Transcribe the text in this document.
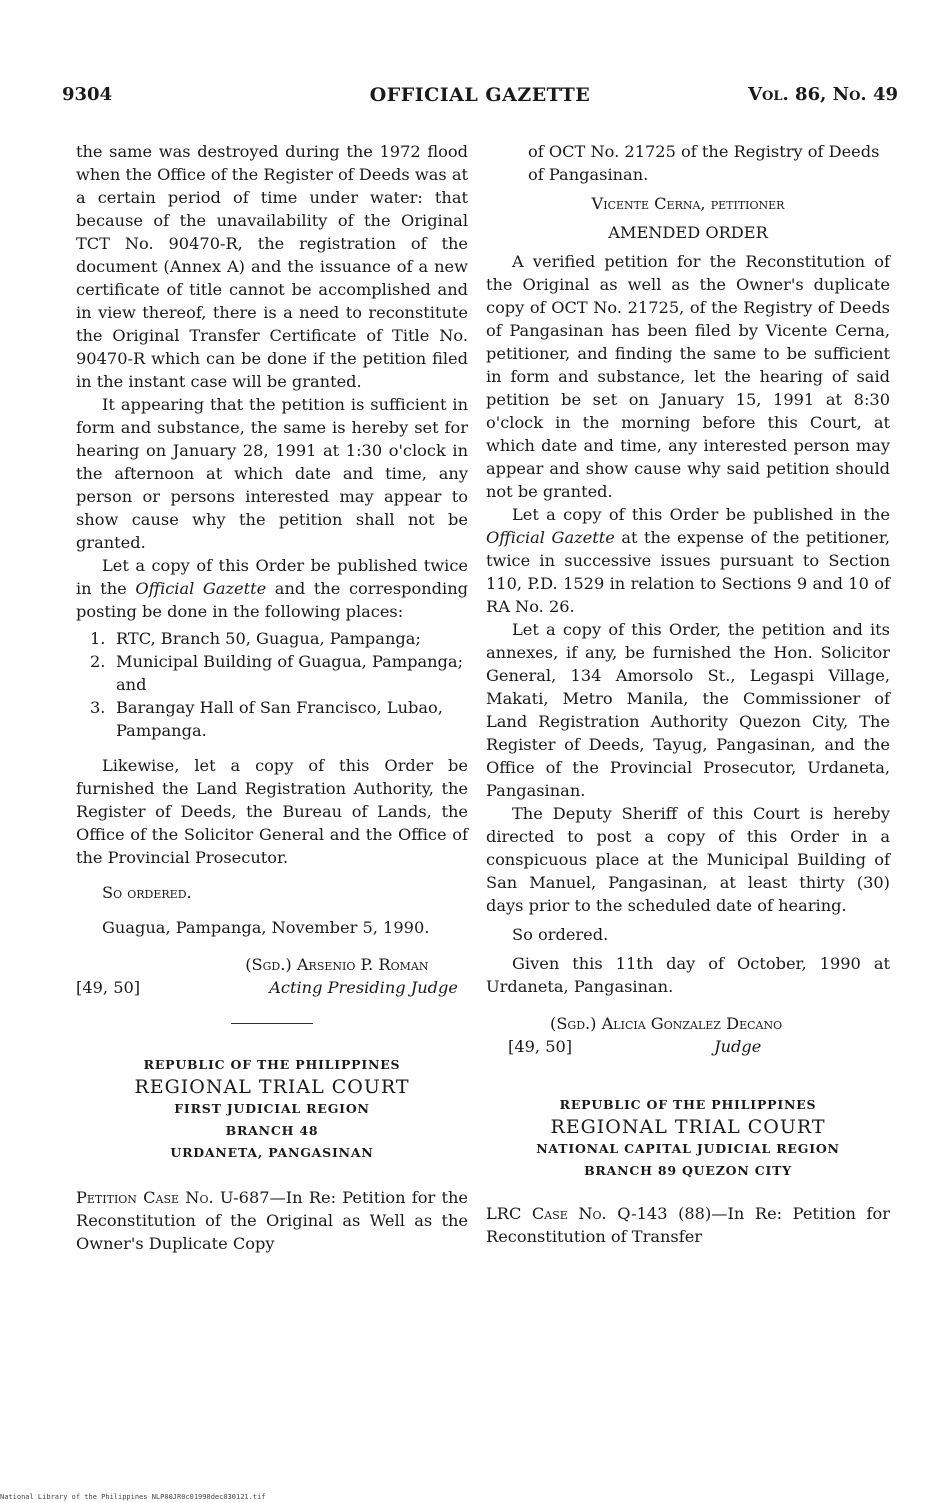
9304	OFFICIAL GAZETTE	Vol. 86, No. 49

the same was destroyed during the 1972 flood when the Office of the Register of Deeds was at a certain period of time under water: that because of the unavailability of the Original TCT No. 90470-R, the registration of the document (Annex A) and the issuance of a new certificate of title cannot be accomplished and in view thereof, there is a need to reconstitute the Original Transfer Certificate of Title No. 90470-R which can be done if the petition filed in the instant case will be granted.

It appearing that the petition is sufficient in form and substance, the same is hereby set for hearing on January 28, 1991 at 1:30 o'clock in the afternoon at which date and time, any person or persons interested may appear to show cause why the petition shall not be granted.

Let a copy of this Order be published twice in the Official Gazette and the corresponding posting be done in the following places:

1. RTC, Branch 50, Guagua, Pampanga;
2. Municipal Building of Guagua, Pampanga; and
3. Barangay Hall of San Francisco, Lubao, Pampanga.

Likewise, let a copy of this Order be furnished the Land Registration Authority, the Register of Deeds, the Bureau of Lands, the Office of the Solicitor General and the Office of the Provincial Prosecutor.

So ordered.

Guagua, Pampanga, November 5, 1990.

[49, 50]
(Sgd.) Arsenio P. Roman
Acting Presiding Judge
REPUBLIC OF THE PHILIPPINES
REGIONAL TRIAL COURT
FIRST JUDICIAL REGION
BRANCH 48
URDANETA, PANGASINAN

Petition Case No. U-687—In Re: Petition for the Reconstitution of the Original as Well as the Owner's Duplicate Copy

of OCT No. 21725 of the Registry of Deeds of Pangasinan.

Vicente Cerna, petitioner

AMENDED ORDER

A verified petition for the Reconstitution of the Original as well as the Owner's duplicate copy of OCT No. 21725, of the Registry of Deeds of Pangasinan has been filed by Vicente Cerna, petitioner, and finding the same to be sufficient in form and substance, let the hearing of said petition be set on January 15, 1991 at 8:30 o'clock in the morning before this Court, at which date and time, any interested person may appear and show cause why said petition should not be granted.

Let a copy of this Order be published in the Official Gazette at the expense of the petitioner, twice in successive issues pursuant to Section 110, P.D. 1529 in relation to Sections 9 and 10 of RA No. 26.

Let a copy of this Order, the petition and its annexes, if any, be furnished the Hon. Solicitor General, 134 Amorsolo St., Legaspi Village, Makati, Metro Manila, the Commissioner of Land Registration Authority Quezon City, The Register of Deeds, Tayug, Pangasinan, and the Office of the Provincial Prosecutor, Urdaneta, Pangasinan.

The Deputy Sheriff of this Court is hereby directed to post a copy of this Order in a conspicuous place at the Municipal Building of San Manuel, Pangasinan, at least thirty (30) days prior to the scheduled date of hearing.

So ordered.

Given this 11th day of October, 1990 at Urdaneta, Pangasinan.

(Sgd.) Alicia Gonzalez Decano
[49, 50]	Judge
REPUBLIC OF THE PHILIPPINES
REGIONAL TRIAL COURT
NATIONAL CAPITAL JUDICIAL REGION
BRANCH 89 QUEZON CITY

LRC Case No. Q-143 (88)—In Re: Petition for Reconstitution of Transfer

National Library of the Philippines NLP00JR0c01990dec030121.tif
